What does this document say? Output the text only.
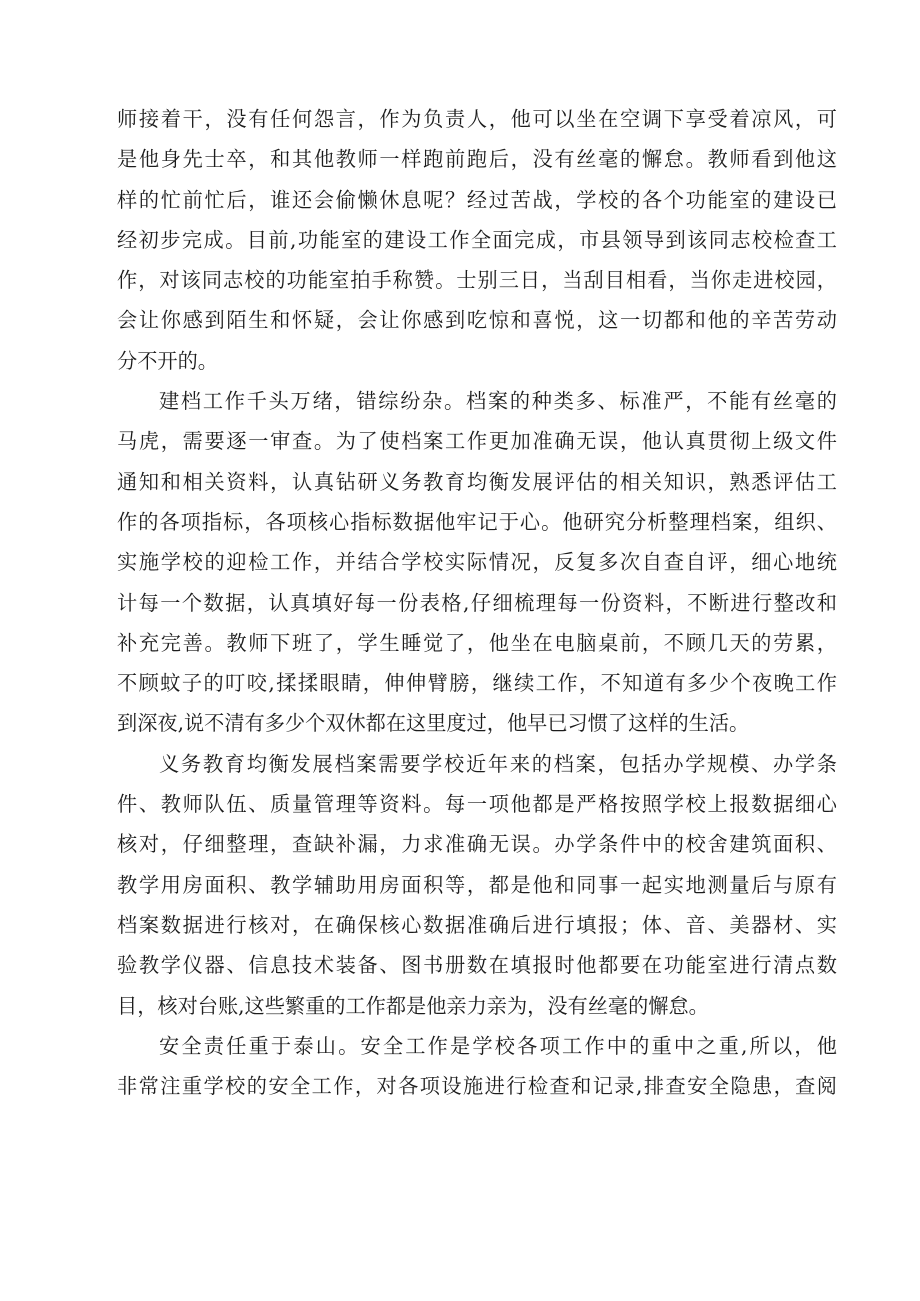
师接着干，没有任何怨言，作为负责人，他可以坐在空调下享受着凉风，可
是他身先士卒，和其他教师一样跑前跑后，没有丝毫的懈怠。教师看到他这
样的忙前忙后，谁还会偷懒休息呢？经过苦战，学校的各个功能室的建设已
经初步完成。目前,功能室的建设工作全面完成，市县领导到该同志校检查工
作，对该同志校的功能室拍手称赞。士别三日，当刮目相看，当你走进校园，
会让你感到陌生和怀疑，会让你感到吃惊和喜悦，这一切都和他的辛苦劳动
分不开的。
建档工作千头万绪，错综纷杂。档案的种类多、标准严，不能有丝毫的
马虎，需要逐一审查。为了使档案工作更加准确无误，他认真贯彻上级文件
通知和相关资料，认真钻研义务教育均衡发展评估的相关知识，熟悉评估工
作的各项指标，各项核心指标数据他牢记于心。他研究分析整理档案，组织、
实施学校的迎检工作，并结合学校实际情况，反复多次自查自评，细心地统
计每一个数据，认真填好每一份表格,仔细梳理每一份资料，不断进行整改和
补充完善。教师下班了，学生睡觉了，他坐在电脑桌前，不顾几天的劳累，
不顾蚊子的叮咬,揉揉眼睛，伸伸臂膀，继续工作，不知道有多少个夜晚工作
到深夜,说不清有多少个双休都在这里度过，他早已习惯了这样的生活。
义务教育均衡发展档案需要学校近年来的档案，包括办学规模、办学条
件、教师队伍、质量管理等资料。每一项他都是严格按照学校上报数据细心
核对，仔细整理，查缺补漏，力求准确无误。办学条件中的校舍建筑面积、
教学用房面积、教学辅助用房面积等，都是他和同事一起实地测量后与原有
档案数据进行核对，在确保核心数据准确后进行填报；体、音、美器材、实
验教学仪器、信息技术装备、图书册数在填报时他都要在功能室进行清点数
目，核对台账,这些繁重的工作都是他亲力亲为，没有丝毫的懈怠。
安全责任重于泰山。安全工作是学校各项工作中的重中之重,所以，他
非常注重学校的安全工作，对各项设施进行检查和记录,排查安全隐患，查阅
